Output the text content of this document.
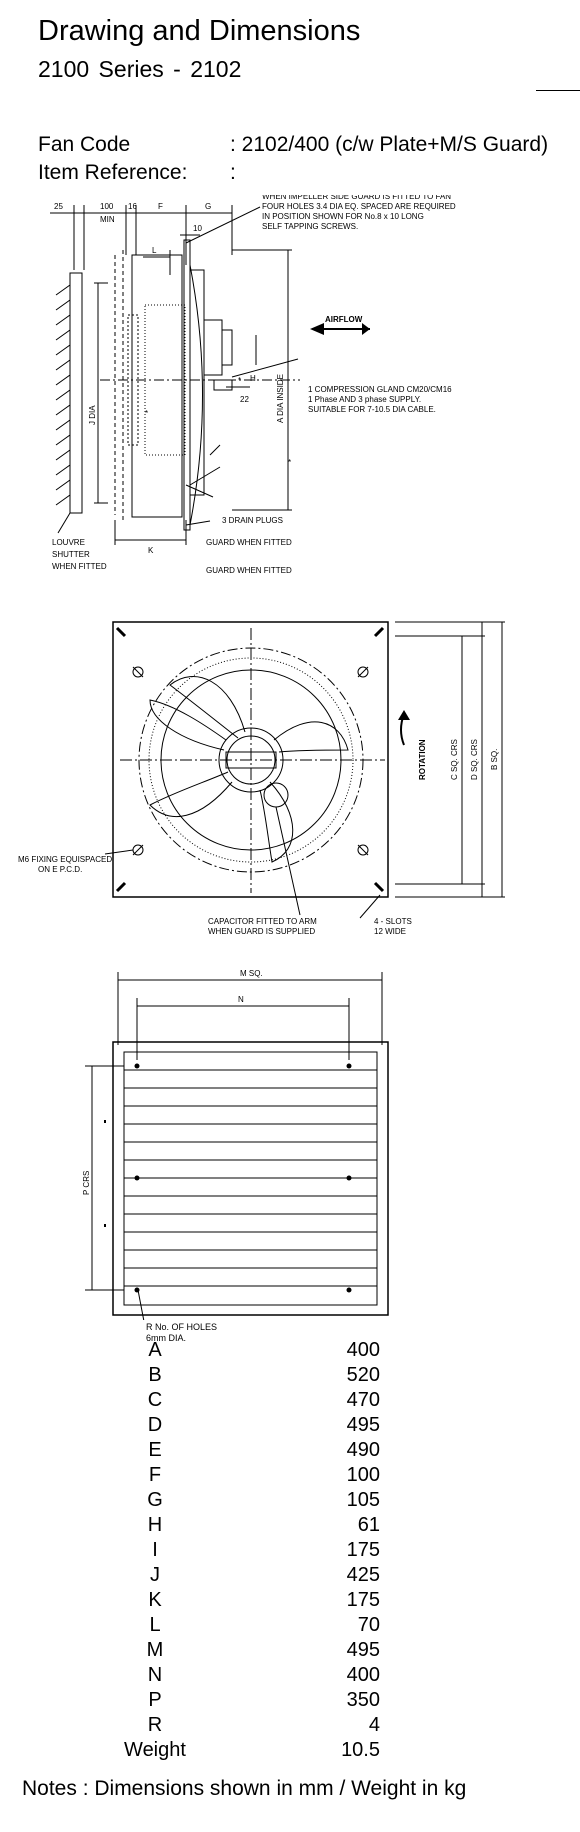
Drawing and Dimensions
2100 Series - 2102
Fan Code	: 2102/400 (c/w Plate+M/S Guard)
Item Reference: :
25	100
MIN
16	F	G
10
L
J DIA	A DIA INSIDE
H
22
K
*
*
*
AIRFLOW
WHEN IMPELLER SIDE GUARD IS FITTED TO FAN
FOUR HOLES 3.4 DIA EQ. SPACED ARE REQUIRED
IN POSITION SHOWN FOR No.8 x 10 LONG
SELF TAPPING SCREWS.
1 COMPRESSION GLAND CM20/CM16
1 Phase AND 3 phase SUPPLY.
SUITABLE FOR 7-10.5 DIA CABLE.
3 DRAIN PLUGS
GUARD WHEN FITTED
GUARD WHEN FITTED
LOUVRE
SHUTTER
WHEN FITTED
ROTATION	C SQ. CRS D SQ. CRS B SQ.
M6 FIXING EQUISPACED
ON E P.C.D.
CAPACITOR FITTED TO ARM
WHEN GUARD IS SUPPLIED
4 - SLOTS
12 WIDE
M SQ.
N
P CRS
R No. OF HOLES
6mm DIA.
A	400
B	520
C	470
D	495
E	490
F	100
G	105
H	61
I	175
J	425
K	175
L	70
M	495
N	400
P	350
R	4
Weight	10.5
Notes : Dimensions shown in mm / Weight in kg
